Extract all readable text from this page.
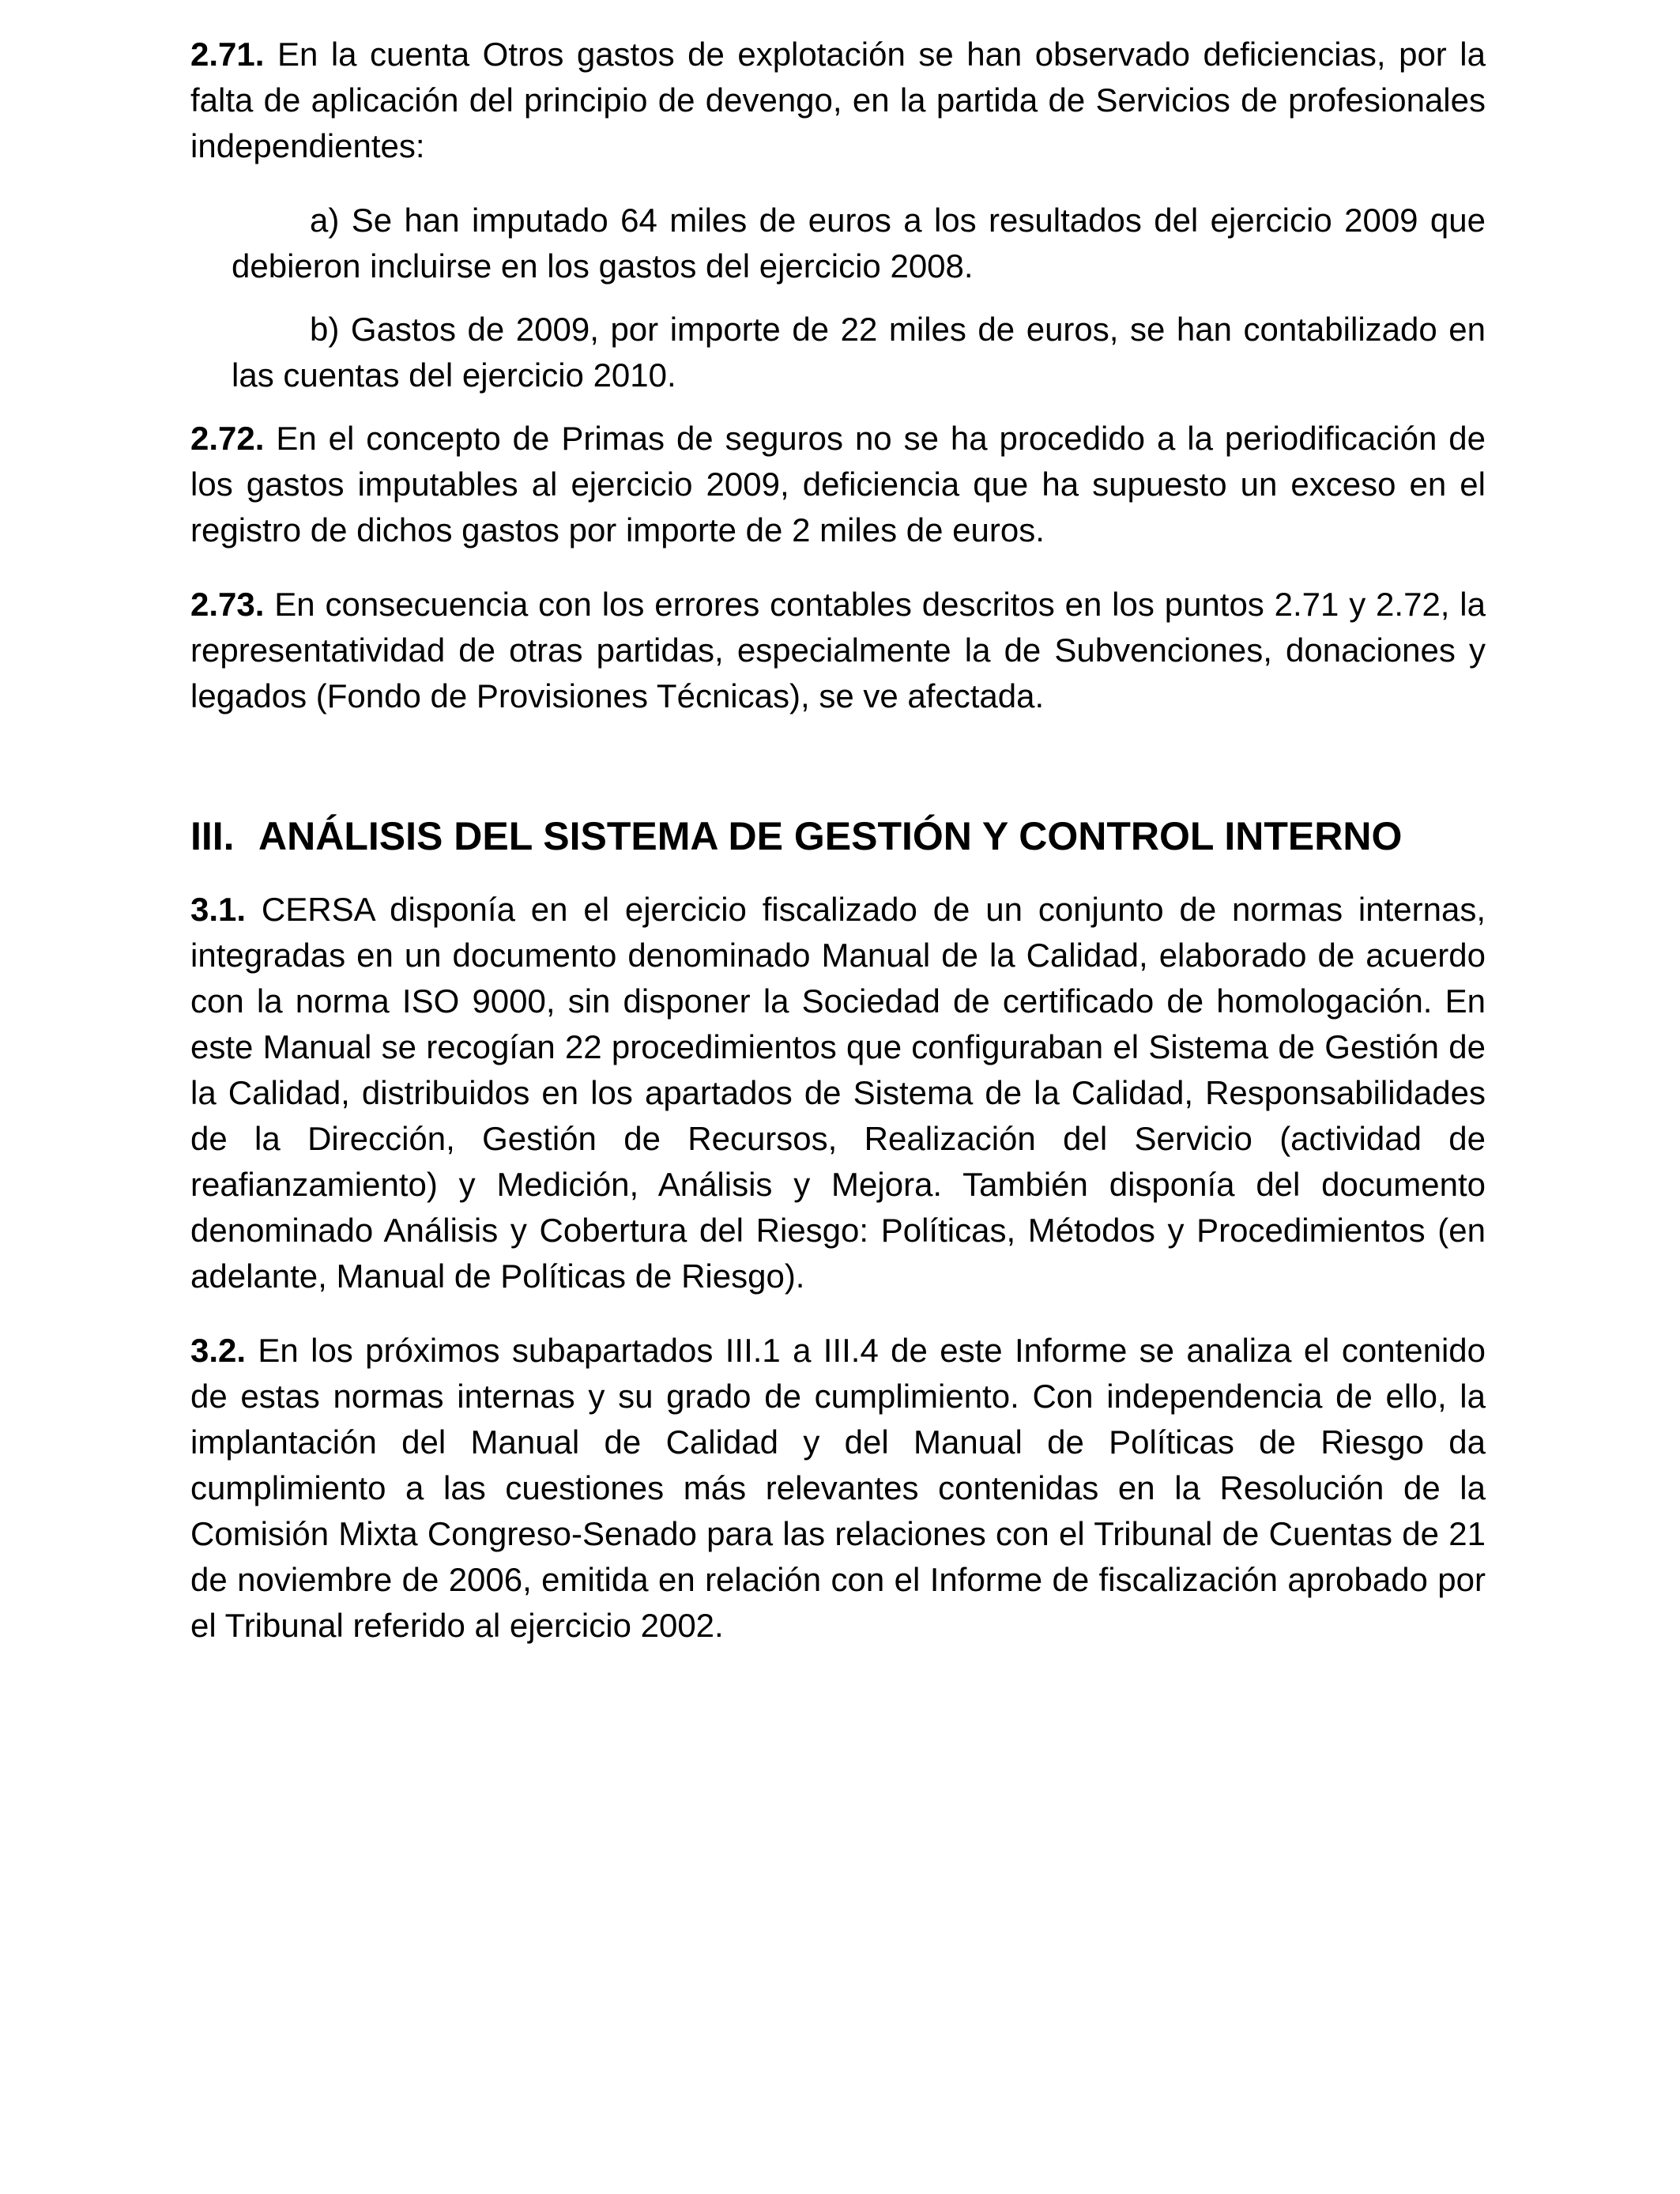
2.71. En la cuenta Otros gastos de explotación se han observado deficiencias, por la falta de aplicación del principio de devengo, en la partida de Servicios de profesionales independientes:

a) Se han imputado 64 miles de euros a los resultados del ejercicio 2009 que debieron incluirse en los gastos del ejercicio 2008.

b) Gastos de 2009, por importe de 22 miles de euros, se han contabilizado en las cuentas del ejercicio 2010.

2.72. En el concepto de Primas de seguros no se ha procedido a la periodificación de los gastos imputables al ejercicio 2009, deficiencia que ha supuesto un exceso en el registro de dichos gastos por importe de 2 miles de euros.

2.73. En consecuencia con los errores contables descritos en los puntos 2.71 y 2.72, la representatividad de otras partidas, especialmente la de Subvenciones, donaciones y legados (Fondo de Provisiones Técnicas), se ve afectada.

III. ANÁLISIS DEL SISTEMA DE GESTIÓN Y CONTROL INTERNO

3.1. CERSA disponía en el ejercicio fiscalizado de un conjunto de normas internas, integradas en un documento denominado Manual de la Calidad, elaborado de acuerdo con la norma ISO 9000, sin disponer la Sociedad de certificado de homologación. En este Manual se recogían 22 procedimientos que configuraban el Sistema de Gestión de la Calidad, distribuidos en los apartados de Sistema de la Calidad, Responsabilidades de la Dirección, Gestión de Recursos, Realización del Servicio (actividad de reafianzamiento) y Medición, Análisis y Mejora. También disponía del documento denominado Análisis y Cobertura del Riesgo: Políticas, Métodos y Procedimientos (en adelante, Manual de Políticas de Riesgo).

3.2. En los próximos subapartados III.1 a III.4 de este Informe se analiza el contenido de estas normas internas y su grado de cumplimiento. Con independencia de ello, la implantación del Manual de Calidad y del Manual de Políticas de Riesgo da cumplimiento a las cuestiones más relevantes contenidas en la Resolución de la Comisión Mixta Congreso-Senado para las relaciones con el Tribunal de Cuentas de 21 de noviembre de 2006, emitida en relación con el Informe de fiscalización aprobado por el Tribunal referido al ejercicio 2002.
